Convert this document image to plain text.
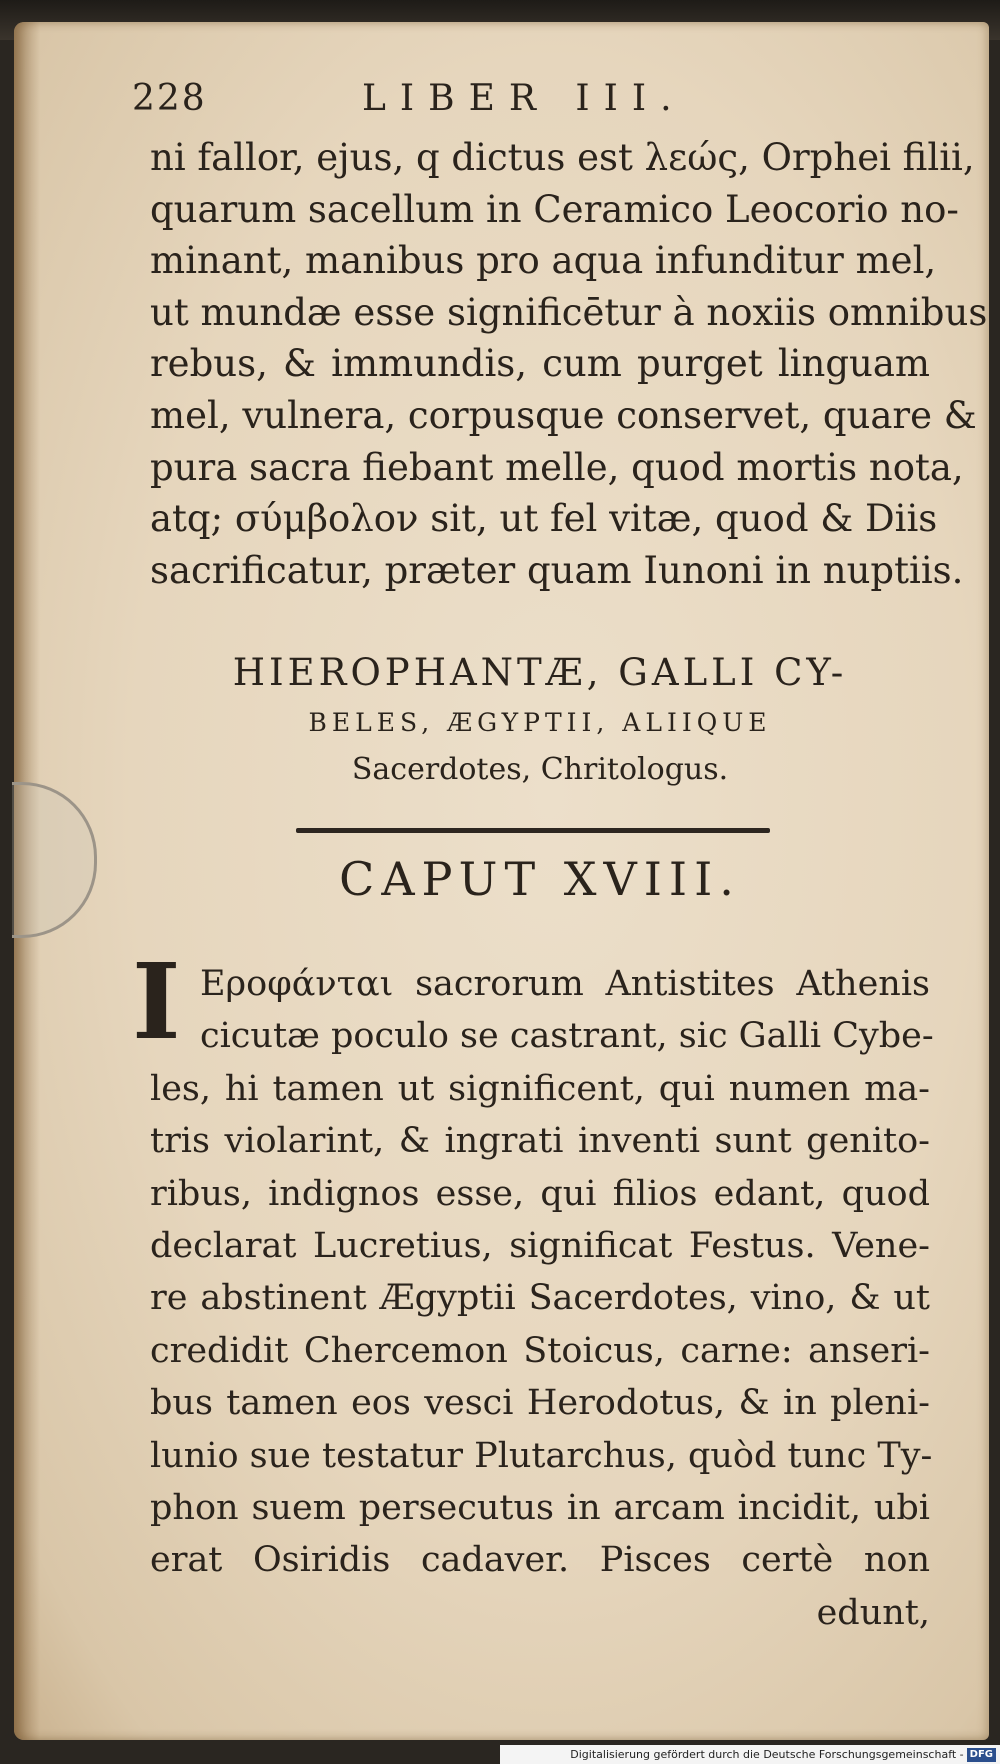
228	LIBER III.
ni fallor, ejus, q dictus est λεώς, Orphei filii,
quarum sacellum in Ceramico Leocorio no-
minant, manibus pro aqua infunditur mel,
ut mundæ esse significētur à noxiis omnibus
rebus, & immundis, cum purget linguam
mel, vulnera, corpusque conservet, quare &
pura sacra fiebant melle, quod mortis nota,
atq; σύμβολον sit, ut fel vitæ, quod & Diis
sacrificatur, præter quam Iunoni in nuptiis.
HIEROPHANTÆ, GALLI CY-
BELES, ÆGYPTII, ALIIQUE
Sacerdotes, Chritologus.
CAPUT XVIII.
I Εροφάνται sacrorum Antistites Athenis
cicutæ poculo se castrant, sic Galli Cybe-
les, hi tamen ut significent, qui numen ma-
tris violarint, & ingrati inventi sunt genito-
ribus, indignos esse, qui filios edant, quod
declarat Lucretius, significat Festus. Vene-
re abstinent Ægyptii Sacerdotes, vino, & ut
credidit Chercemon Stoicus, carne: anseri-
bus tamen eos vesci Herodotus, & in pleni-
lunio sue testatur Plutarchus, quòd tunc Ty-
phon suem persecutus in arcam incidit, ubi
erat Osiridis cadaver. Pisces certè non
edunt,
Digitalisierung gefördert durch die Deutsche Forschungsgemeinschaft - DFG
